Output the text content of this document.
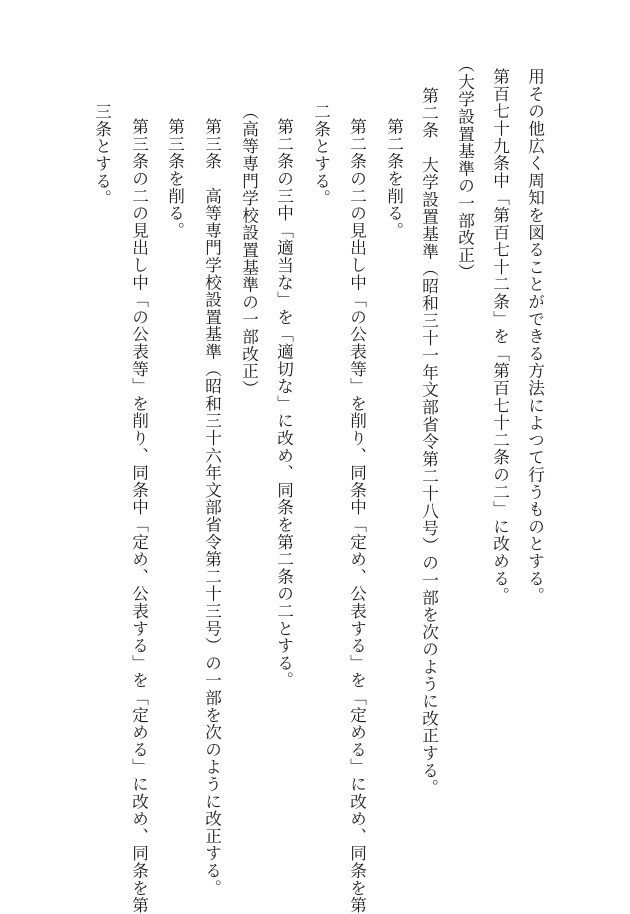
用その他広く周知を図ることができる方法によつて行うものとする。
第百七十九条中「第百七十二条」を「第百七十二条の二」に改める。
（大学設置基準の一部改正）
第二条　大学設置基準（昭和三十一年文部省令第二十八号）の一部を次のように改正する。
第二条を削る。
第二条の二の見出し中「の公表等」を削り、同条中「定め、公表する」を「定める」に改め、同条を第
二条とする。
第二条の三中「適当な」を「適切な」に改め、同条を第二条の二とする。
（高等専門学校設置基準の一部改正）
第三条　高等専門学校設置基準（昭和三十六年文部省令第二十三号）の一部を次のように改正する。
第三条を削る。
第三条の二の見出し中「の公表等」を削り、同条中「定め、公表する」を「定める」に改め、同条を第
三条とする。
